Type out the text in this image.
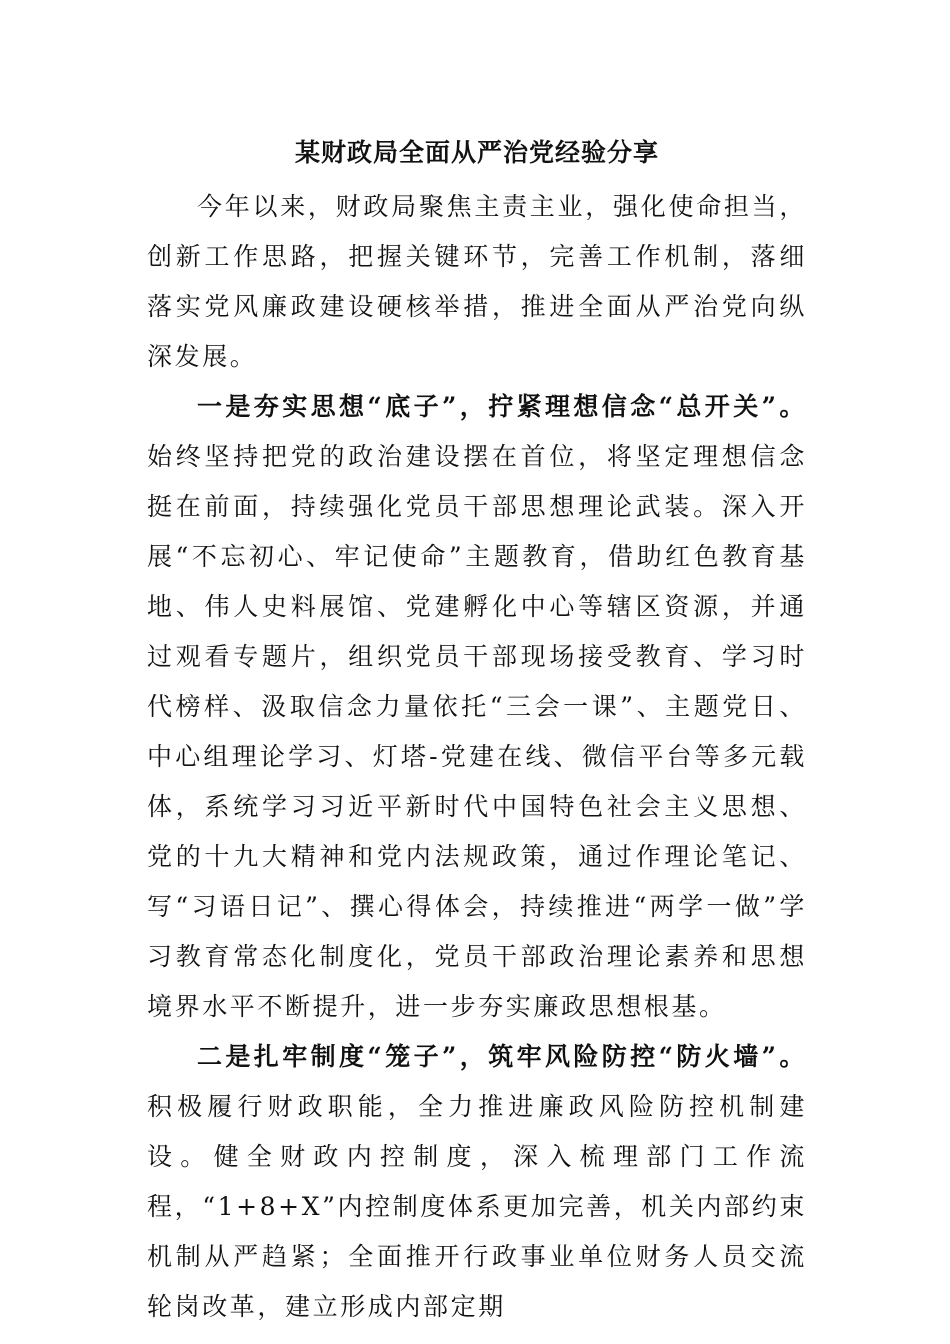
某财政局全面从严治党经验分享

今年以来，财政局聚焦主责主业，强化使命担当，创新工作思路，把握关键环节，完善工作机制，落细落实党风廉政建设硬核举措，推进全面从严治党向纵深发展。

一是夯实思想“底子”，拧紧理想信念“总开关”。始终坚持把党的政治建设摆在首位，将坚定理想信念挺在前面，持续强化党员干部思想理论武装。深入开展“不忘初心、牢记使命”主题教育，借助红色教育基地、伟人史料展馆、党建孵化中心等辖区资源，并通过观看专题片，组织党员干部现场接受教育、学习时代榜样、汲取信念力量依托“三会一课”、主题党日、中心组理论学习、灯塔-党建在线、微信平台等多元载体，系统学习习近平新时代中国特色社会主义思想、党的十九大精神和党内法规政策，通过作理论笔记、写“习语日记”、撰心得体会，持续推进“两学一做”学习教育常态化制度化，党员干部政治理论素养和思想境界水平不断提升，进一步夯实廉政思想根基。

二是扎牢制度“笼子”，筑牢风险防控“防火墙”。积极履行财政职能，全力推进廉政风险防控机制建设。健全财政内控制度，深入梳理部门工作流程，“1+8+X”内控制度体系更加完善，机关内部约束机制从严趋紧；全面推开行政事业单位财务人员交流轮岗改革，建立形成内部定期
